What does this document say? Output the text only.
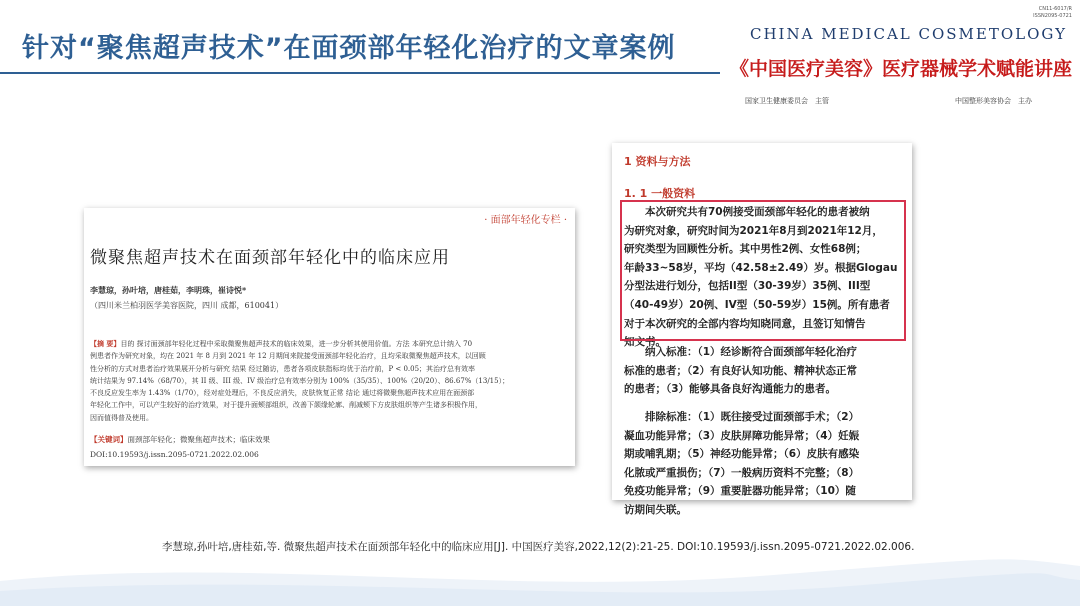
针对“聚焦超声技术”在面颈部年轻化治疗的文章案例
CN11-6017/R
ISSN2095-0721
CHINA MEDICAL COSMETOLOGY
《中国医疗美容》医疗器械学术赋能讲座
国家卫生健康委员会　主管	中国整形美容协会　主办
· 面部年轻化专栏 ·
微聚焦超声技术在面颈部年轻化中的临床应用
李慧琼，孙叶培，唐桂茹，李明珠，崔诗悦*
（四川米兰柏羽医学美容医院，四川 成都，610041）
【摘 要】目的 探讨面颈部年轻化过程中采取微聚焦超声技术的临床效果，进一步分析其使用价值。方法 本研究总计纳入 70
例患者作为研究对象，均在 2021 年 8 月到 2021 年 12 月期间来院接受面颈部年轻化治疗，且均采取微聚焦超声技术，以回顾
性分析的方式对患者治疗效果展开分析与研究 结果 经过随访，患者各项皮肤指标均优于治疗前，P < 0.05；其治疗总有效率
统计结果为 97.14%（68/70），其 II 级、III 级、IV 级治疗总有效率分别为 100%（35/35）、100%（20/20）、86.67%（13/15）；
不良反应发生率为 1.43%（1/70），经对症处理后，不良反应消失，皮肤恢复正常 结论 通过将微聚焦超声技术应用在面颈部
年轻化工作中，可以产生较好的治疗效果，对于提升面颊部组织，改善下颌缘轮廓、削减颊下方皮肤组织等产生诸多积极作用，
因而值得普及使用。
【关键词】面颈部年轻化；微聚焦超声技术；临床效果
DOI:10.19593/j.issn.2095-0721.2022.02.006
1 资料与方法
1. 1 一般资料
　　本次研究共有70例接受面颈部年轻化的患者被纳
为研究对象，研究时间为2021年8月到2021年12月，
研究类型为回顾性分析。其中男性2例、女性68例；
年龄33~58岁，平均（42.58±2.49）岁。根据Glogau
分型法进行划分，包括II型（30-39岁）35例、III型
（40-49岁）20例、IV型（50-59岁）15例。所有患者
对于本次研究的全部内容均知晓同意，且签订知情告
知文书。
　　纳入标准：（1）经诊断符合面颈部年轻化治疗
标准的患者；（2）有良好认知功能、精神状态正常
的患者；（3）能够具备良好沟通能力的患者。
　　排除标准：（1）既往接受过面颈部手术；（2）
凝血功能异常；（3）皮肤屏障功能异常；（4）妊娠
期或哺乳期；（5）神经功能异常；（6）皮肤有感染
化脓或严重损伤；（7）一般病历资料不完整；（8）
免疫功能异常；（9）重要脏器功能异常；（10）随
访期间失联。
李慧琼,孙叶培,唐桂茹,等. 微聚焦超声技术在面颈部年轻化中的临床应用[J]. 中国医疗美容,2022,12(2):21-25. DOI:10.19593/j.issn.2095-0721.2022.02.006.
